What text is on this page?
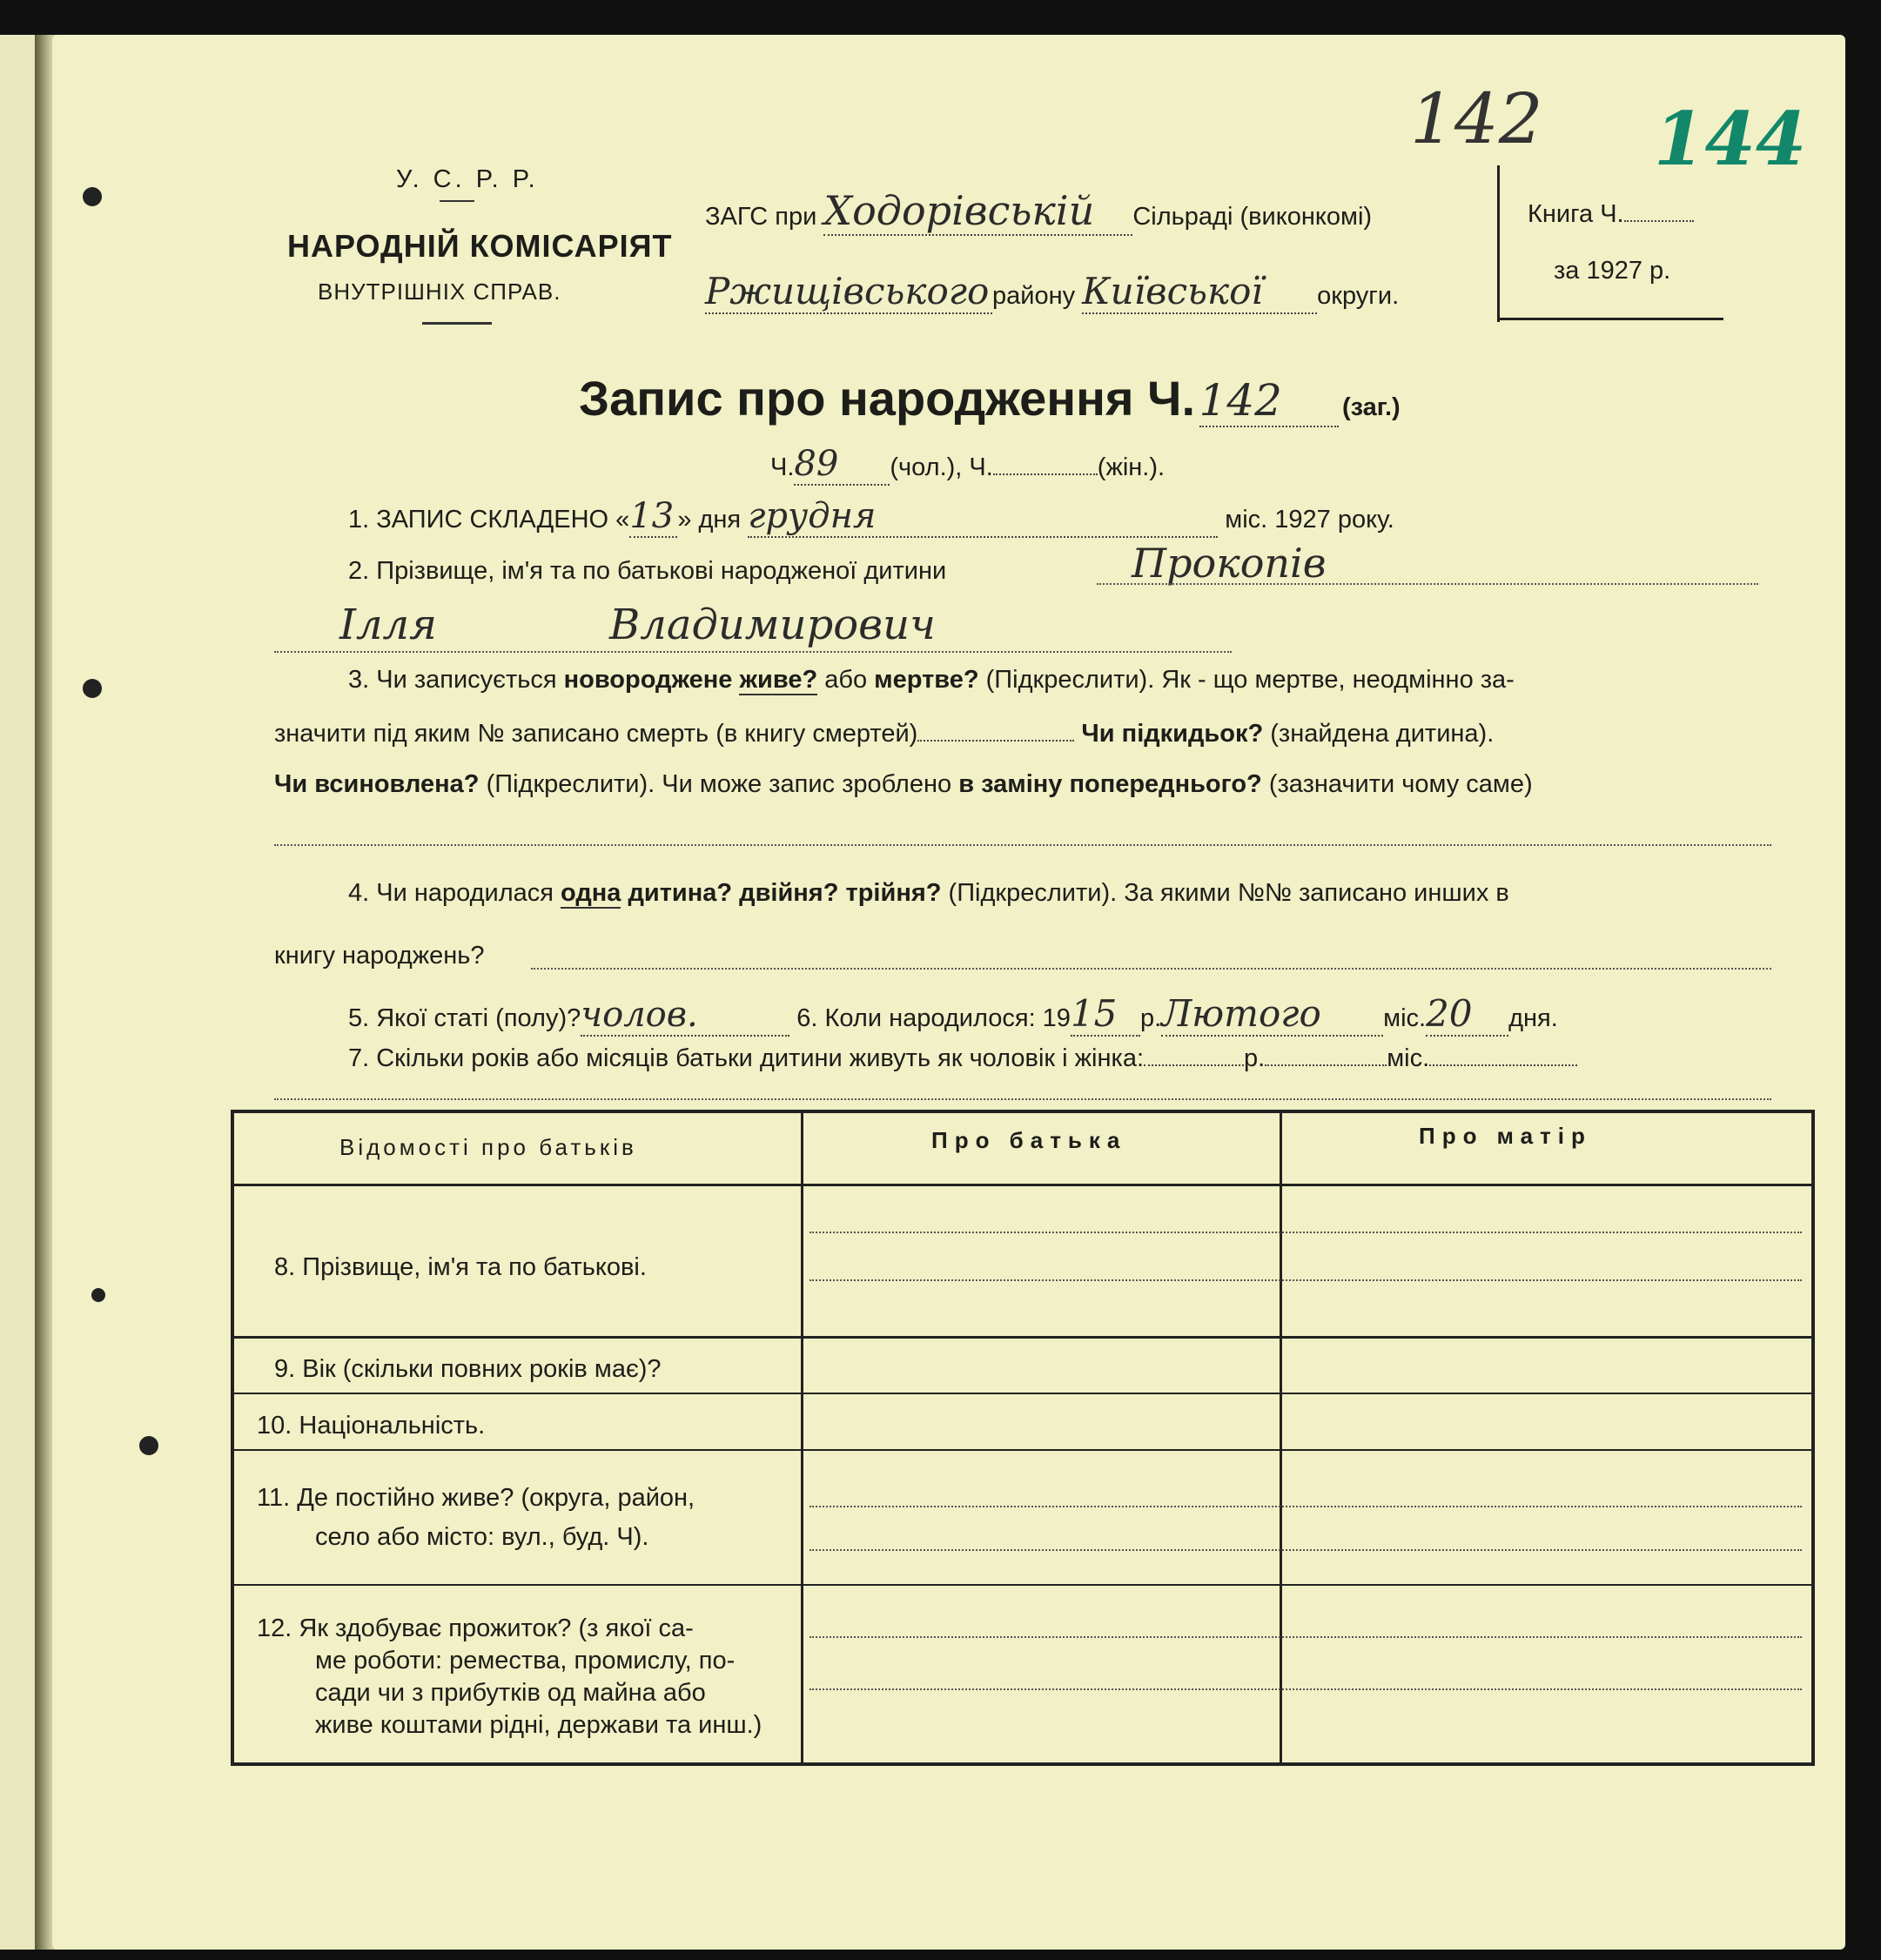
У. С. Р. Р.
НАРОДНІЙ КОМІСАРІЯТ
ВНУТРІШНІХ СПРАВ.
142 144
ЗАГС при Ходорівській Сільраді (виконкомі)
Ржищівського району Київської округи.
Книга Ч.
за 1927 р.
Запис про народження Ч. 142 (заг.)
Ч.89 (чол.), Ч.	(жін.).
1. ЗАПИС СКЛАДЕНО «13 » дня грудня	міс. 1927 року.
2. Прізвище, ім'я та по батькові народженої дитини	Прокопів
Ілля	Владимирович
3. Чи записується новороджене живе? або мертве? (Підкреслити). Як - що мертве, неодмінно за-
значити під яким № записано смерть (в книгу смертей)	Чи підкидьок? (знайдена дитина).
Чи всиновлена? (Підкреслити). Чи може запис зроблено в заміну попереднього? (зазначити чому саме)
4. Чи народилася одна дитина? двійня? трійня? (Підкреслити). За якими №№ записано инших в
книгу народжень?
5. Якої статі (полу)?чолов.	6. Коли народилося: 1915 р.Лютого міс.20 дня.
7. Скільки років або місяців батьки дитини живуть як чоловік і жінка:	р.	міс.
Відомості про батьків	Про батька	Про матір
8. Прізвище, ім'я та по батькові.
9. Вік (скільки повних років має)?
10. Національність.
11. Де постійно живе? (округа, район,
село або місто: вул., буд. Ч).
12. Як здобуває прожиток? (з якої са-
ме роботи: ремества, промислу, по-
сади чи з прибутків од майна або
живе коштами рідні, держави та инш.)
